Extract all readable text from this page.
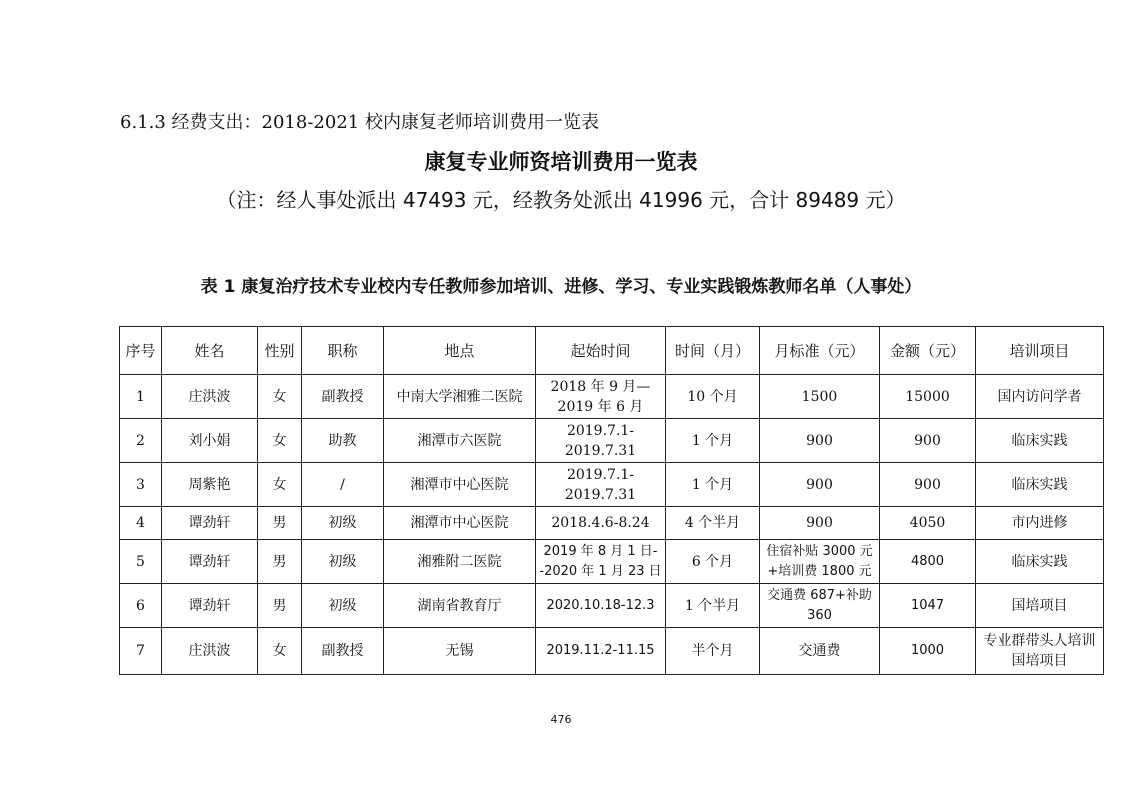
6.1.3 经费支出：2018-2021 校内康复老师培训费用一览表
康复专业师资培训费用一览表
（注：经人事处派出 47493 元，经教务处派出 41996 元，合计 89489 元）
表 1 康复治疗技术专业校内专任教师参加培训、进修、学习、专业实践锻炼教师名单（人事处）
序号	姓名	性别	职称	地点	起始时间	时间（月）	月标准（元）	金额（元）	培训项目
1	庄洪波	女	副教授	中南大学湘雅二医院	2018 年 9 月—2019 年 6 月	10 个月	1500	15000	国内访问学者
2	刘小娟	女	助教	湘潭市六医院	2019.7.1-2019.7.31	1 个月	900	900	临床实践
3	周紫艳	女	/	湘潭市中心医院	2019.7.1-2019.7.31	1 个月	900	900	临床实践
4	谭劲轩	男	初级	湘潭市中心医院	2018.4.6-8.24	4 个半月	900	4050	市内进修
5	谭劲轩	男	初级	湘雅附二医院	2019 年 8 月 1 日--2020 年 1 月 23 日	6 个月	住宿补贴 3000 元+培训费 1800 元	4800	临床实践
6	谭劲轩	男	初级	湖南省教育厅	2020.10.18-12.3	1 个半月	交通费 687+补助 360	1047	国培项目
7	庄洪波	女	副教授	无锡	2019.11.2-11.15	半个月	交通费	1000	专业群带头人培训国培项目
476
